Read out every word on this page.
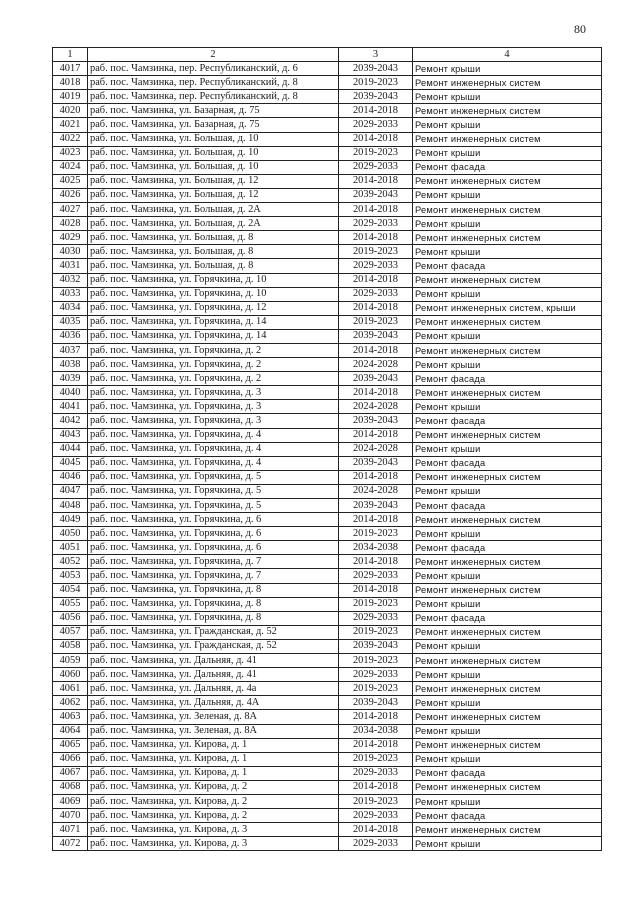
80
1	2	3	4
4017	раб. пос. Чамзинка, пер. Республиканский, д. 6	2039-2043	Ремонт крыши
4018	раб. пос. Чамзинка, пер. Республиканский, д. 8	2019-2023	Ремонт инженерных систем
4019	раб. пос. Чамзинка, пер. Республиканский, д. 8	2039-2043	Ремонт крыши
4020	раб. пос. Чамзинка, ул. Базарная, д. 75	2014-2018	Ремонт инженерных систем
4021	раб. пос. Чамзинка, ул. Базарная, д. 75	2029-2033	Ремонт крыши
4022	раб. пос. Чамзинка, ул. Большая, д. 10	2014-2018	Ремонт инженерных систем
4023	раб. пос. Чамзинка, ул. Большая, д. 10	2019-2023	Ремонт крыши
4024	раб. пос. Чамзинка, ул. Большая, д. 10	2029-2033	Ремонт фасада
4025	раб. пос. Чамзинка, ул. Большая, д. 12	2014-2018	Ремонт инженерных систем
4026	раб. пос. Чамзинка, ул. Большая, д. 12	2039-2043	Ремонт крыши
4027	раб. пос. Чамзинка, ул. Большая, д. 2А	2014-2018	Ремонт инженерных систем
4028	раб. пос. Чамзинка, ул. Большая, д. 2А	2029-2033	Ремонт крыши
4029	раб. пос. Чамзинка, ул. Большая, д. 8	2014-2018	Ремонт инженерных систем
4030	раб. пос. Чамзинка, ул. Большая, д. 8	2019-2023	Ремонт крыши
4031	раб. пос. Чамзинка, ул. Большая, д. 8	2029-2033	Ремонт фасада
4032	раб. пос. Чамзинка, ул. Горячкина, д. 10	2014-2018	Ремонт инженерных систем
4033	раб. пос. Чамзинка, ул. Горячкина, д. 10	2029-2033	Ремонт крыши
4034	раб. пос. Чамзинка, ул. Горячкина, д. 12	2014-2018	Ремонт инженерных систем, крыши
4035	раб. пос. Чамзинка, ул. Горячкина, д. 14	2019-2023	Ремонт инженерных систем
4036	раб. пос. Чамзинка, ул. Горячкина, д. 14	2039-2043	Ремонт крыши
4037	раб. пос. Чамзинка, ул. Горячкина, д. 2	2014-2018	Ремонт инженерных систем
4038	раб. пос. Чамзинка, ул. Горячкина, д. 2	2024-2028	Ремонт крыши
4039	раб. пос. Чамзинка, ул. Горячкина, д. 2	2039-2043	Ремонт фасада
4040	раб. пос. Чамзинка, ул. Горячкина, д. 3	2014-2018	Ремонт инженерных систем
4041	раб. пос. Чамзинка, ул. Горячкина, д. 3	2024-2028	Ремонт крыши
4042	раб. пос. Чамзинка, ул. Горячкина, д. 3	2039-2043	Ремонт фасада
4043	раб. пос. Чамзинка, ул. Горячкина, д. 4	2014-2018	Ремонт инженерных систем
4044	раб. пос. Чамзинка, ул. Горячкина, д. 4	2024-2028	Ремонт крыши
4045	раб. пос. Чамзинка, ул. Горячкина, д. 4	2039-2043	Ремонт фасада
4046	раб. пос. Чамзинка, ул. Горячкина, д. 5	2014-2018	Ремонт инженерных систем
4047	раб. пос. Чамзинка, ул. Горячкина, д. 5	2024-2028	Ремонт крыши
4048	раб. пос. Чамзинка, ул. Горячкина, д. 5	2039-2043	Ремонт фасада
4049	раб. пос. Чамзинка, ул. Горячкина, д. 6	2014-2018	Ремонт инженерных систем
4050	раб. пос. Чамзинка, ул. Горячкина, д. 6	2019-2023	Ремонт крыши
4051	раб. пос. Чамзинка, ул. Горячкина, д. 6	2034-2038	Ремонт фасада
4052	раб. пос. Чамзинка, ул. Горячкина, д. 7	2014-2018	Ремонт инженерных систем
4053	раб. пос. Чамзинка, ул. Горячкина, д. 7	2029-2033	Ремонт крыши
4054	раб. пос. Чамзинка, ул. Горячкина, д. 8	2014-2018	Ремонт инженерных систем
4055	раб. пос. Чамзинка, ул. Горячкина, д. 8	2019-2023	Ремонт крыши
4056	раб. пос. Чамзинка, ул. Горячкина, д. 8	2029-2033	Ремонт фасада
4057	раб. пос. Чамзинка, ул. Гражданская, д. 52	2019-2023	Ремонт инженерных систем
4058	раб. пос. Чамзинка, ул. Гражданская, д. 52	2039-2043	Ремонт крыши
4059	раб. пос. Чамзинка, ул. Дальняя, д. 41	2019-2023	Ремонт инженерных систем
4060	раб. пос. Чамзинка, ул. Дальняя, д. 41	2029-2033	Ремонт крыши
4061	раб. пос. Чамзинка, ул. Дальняя, д. 4а	2019-2023	Ремонт инженерных систем
4062	раб. пос. Чамзинка, ул. Дальняя, д. 4А	2039-2043	Ремонт крыши
4063	раб. пос. Чамзинка, ул. Зеленая, д. 8А	2014-2018	Ремонт инженерных систем
4064	раб. пос. Чамзинка, ул. Зеленая, д. 8А	2034-2038	Ремонт крыши
4065	раб. пос. Чамзинка, ул. Кирова, д. 1	2014-2018	Ремонт инженерных систем
4066	раб. пос. Чамзинка, ул. Кирова, д. 1	2019-2023	Ремонт крыши
4067	раб. пос. Чамзинка, ул. Кирова, д. 1	2029-2033	Ремонт фасада
4068	раб. пос. Чамзинка, ул. Кирова, д. 2	2014-2018	Ремонт инженерных систем
4069	раб. пос. Чамзинка, ул. Кирова, д. 2	2019-2023	Ремонт крыши
4070	раб. пос. Чамзинка, ул. Кирова, д. 2	2029-2033	Ремонт фасада
4071	раб. пос. Чамзинка, ул. Кирова, д. 3	2014-2018	Ремонт инженерных систем
4072	раб. пос. Чамзинка, ул. Кирова, д. 3	2029-2033	Ремонт крыши
